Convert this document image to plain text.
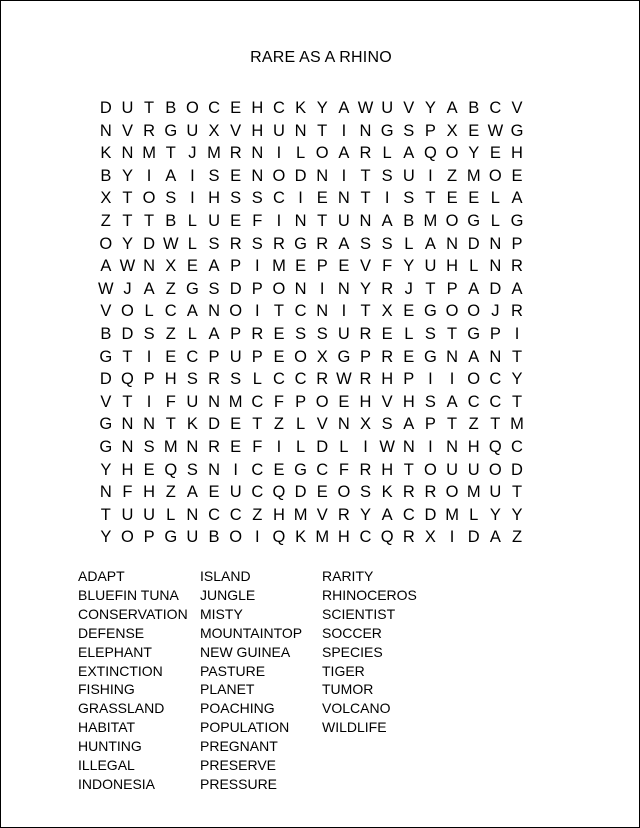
RARE AS A RHINO
D U T B O C E H C K Y A W U V Y A B C V
N V R G U X V H U N T I N G S P X E W G
K N M T J M R N I L O A R L A Q O Y E H
B Y I A I S E N O D N I T S U I Z M O E
X T O S I H S S C I E N T I S T E E L A
Z T T B L U E F I N T U N A B M O G L G
O Y D W L S R S R G R A S S L A N D N P
A W N X E A P I M E P E V F Y U H L N R
W J A Z G S D P O N I N Y R J T P A D A
V O L C A N O I T C N I T X E G O O J R
B D S Z L A P R E S S U R E L S T G P I
G T I E C P U P E O X G P R E G N A N T
D Q P H S R S L C C R W R H P I	I O C Y
V T I F U N M C F P O E H V H S A C C T
G N N T K D E T Z L V N X S A P T Z T M
G N S M N R E F I L D L I W N I N H Q C
Y H E Q S N I C E G C F R H T O U U O D
N F H Z A E U C Q D E O S K R R O M U T
T U U L N C C Z H M V R Y A C D M L Y Y
Y O P G U B O I Q K M H C Q R X I D A Z
ADAPT
BLUEFIN TUNA
CONSERVATION
DEFENSE
ELEPHANT
EXTINCTION
FISHING
GRASSLAND
HABITAT
HUNTING
ILLEGAL
INDONESIA
ISLAND
JUNGLE
MISTY
MOUNTAINTOP
NEW GUINEA
PASTURE
PLANET
POACHING
POPULATION
PREGNANT
PRESERVE
PRESSURE
RARITY
RHINOCEROS
SCIENTIST
SOCCER
SPECIES
TIGER
TUMOR
VOLCANO
WILDLIFE
